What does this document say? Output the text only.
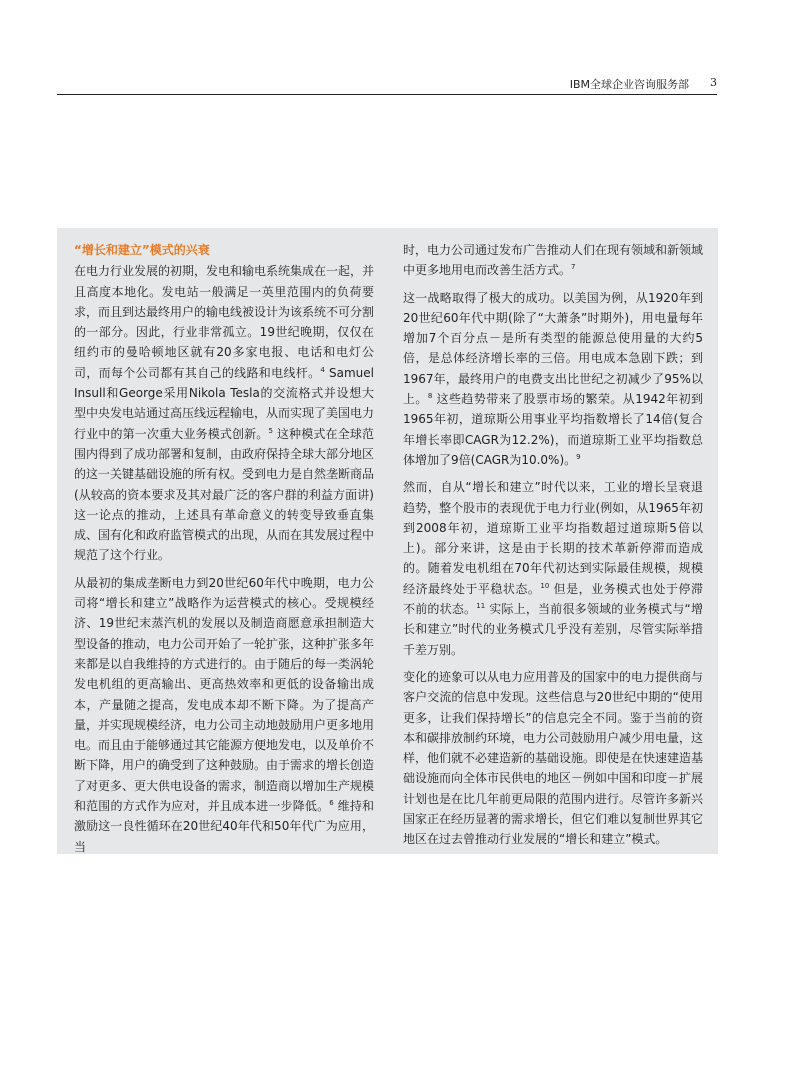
IBM全球企业咨询服务部 3
“增长和建立”模式的兴衰

在电力行业发展的初期，发电和输电系统集成在一起，并且高度本地化。发电站一般满足一英里范围内的负荷要求，而且到达最终用户的输电线被设计为该系统不可分割的一部分。因此，行业非常孤立。19世纪晚期，仅仅在纽约市的曼哈顿地区就有20多家电报、电话和电灯公司，而每个公司都有其自己的线路和电线杆。$^4$ Samuel Insull和George采用Nikola Tesla的交流格式并设想大型中央发电站通过高压线远程输电，从而实现了美国电力行业中的第一次重大业务模式创新。$^5$ 这种模式在全球范围内得到了成功部署和复制，由政府保持全球大部分地区的这一关键基础设施的所有权。受到电力是自然垄断商品(从较高的资本要求及其对最广泛的客户群的利益方面讲)这一论点的推动，上述具有革命意义的转变导致垂直集成、国有化和政府监管模式的出现，从而在其发展过程中规范了这个行业。

从最初的集成垄断电力到20世纪60年代中晚期，电力公司将“增长和建立”战略作为运营模式的核心。受规模经济、19世纪末蒸汽机的发展以及制造商愿意承担制造大型设备的推动，电力公司开始了一轮扩张，这种扩张多年来都是以自我维持的方式进行的。由于随后的每一类涡轮发电机组的更高输出、更高热效率和更低的设备输出成本，产量随之提高，发电成本却不断下降。为了提高产量，并实现规模经济，电力公司主动地鼓励用户更多地用电。而且由于能够通过其它能源方便地发电，以及单价不断下降，用户的确受到了这种鼓励。由于需求的增长创造了对更多、更大供电设备的需求，制造商以增加生产规模和范围的方式作为应对，并且成本进一步降低。$^6$ 维持和激励这一良性循环在20世纪40年代和50年代广为应用，当

时，电力公司通过发布广告推动人们在现有领域和新领域中更多地用电而改善生活方式。$^7$

这一战略取得了极大的成功。以美国为例，从1920年到20世纪60年代中期(除了“大萧条”时期外)，用电量每年增加7个百分点－是所有类型的能源总使用量的大约5倍，是总体经济增长率的三倍。用电成本急剧下跌；到1967年，最终用户的电费支出比世纪之初减少了95%以上。$^8$ 这些趋势带来了股票市场的繁荣。从1942年初到1965年初，道琼斯公用事业平均指数增长了14倍(复合年增长率即CAGR为12.2%)，而道琼斯工业平均指数总体增加了9倍(CAGR为10.0%)。$^9$

然而，自从“增长和建立”时代以来，工业的增长呈衰退趋势，整个股市的表现优于电力行业(例如，从1965年初到2008年初，道琼斯工业平均指数超过道琼斯5倍以上)。部分来讲，这是由于长期的技术革新停滞而造成的。随着发电机组在70年代初达到实际最佳规模，规模经济最终处于平稳状态。$^{10}$ 但是，业务模式也处于停滞不前的状态。$^{11}$ 实际上，当前很多领域的业务模式与“增长和建立”时代的业务模式几乎没有差别，尽管实际举措千差万别。

变化的迹象可以从电力应用普及的国家中的电力提供商与客户交流的信息中发现。这些信息与20世纪中期的“使用更多，让我们保持增长”的信息完全不同。鉴于当前的资本和碳排放制约环境，电力公司鼓励用户减少用电量，这样，他们就不必建造新的基础设施。即使是在快速建造基础设施而向全体市民供电的地区－例如中国和印度－扩展计划也是在比几年前更局限的范围内进行。尽管许多新兴国家正在经历显著的需求增长，但它们难以复制世界其它地区在过去曾推动行业发展的“增长和建立”模式。
